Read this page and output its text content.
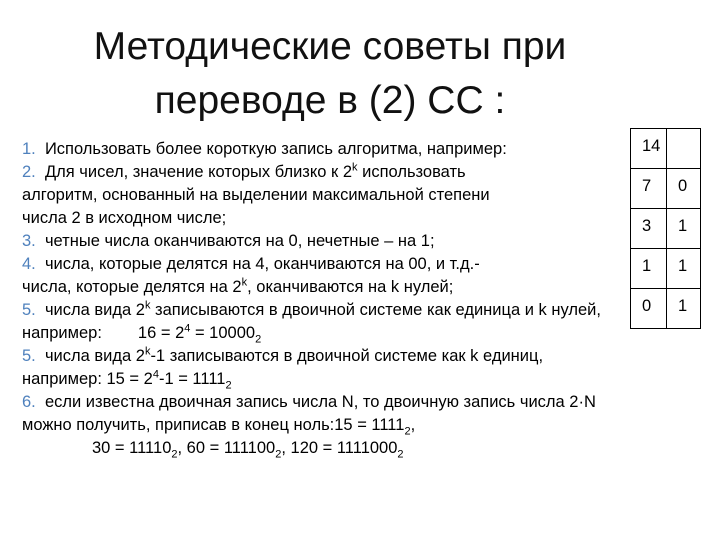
Методические советы при
переводе в (2) СС :

1. Использовать более короткую запись алгоритма, например:

2. Для чисел, значение которых близко к 2$^k$ использовать

алгоритм, основанный на выделении максимальной степени

числа 2 в исходном числе;

3. четные числа оканчиваются на 0, нечетные – на 1;

4. числа, которые делятся на 4, оканчиваются на 00, и т.д.-

числа, которые делятся на 2$^k$, оканчиваются на k нулей;

5. числа вида 2$^k$ записываются в двоичной системе как единица и k нулей,

например: $16 = 2^4 = 10000_2$

5. числа вида 2$^k$-1 записываются в двоичной системе как k единиц,

например: $15 = 2^4-1 = 1111_2$

6. если известна двоичная запись числа N, то двоичную запись числа 2·N

можно получить, приписав в конец ноль:15 = $1111_2$,

$30 = 11110_2$, $60 = 111100_2$, $120 = 1111000_2$

14	
7	0
3	1
1	1
0	1
